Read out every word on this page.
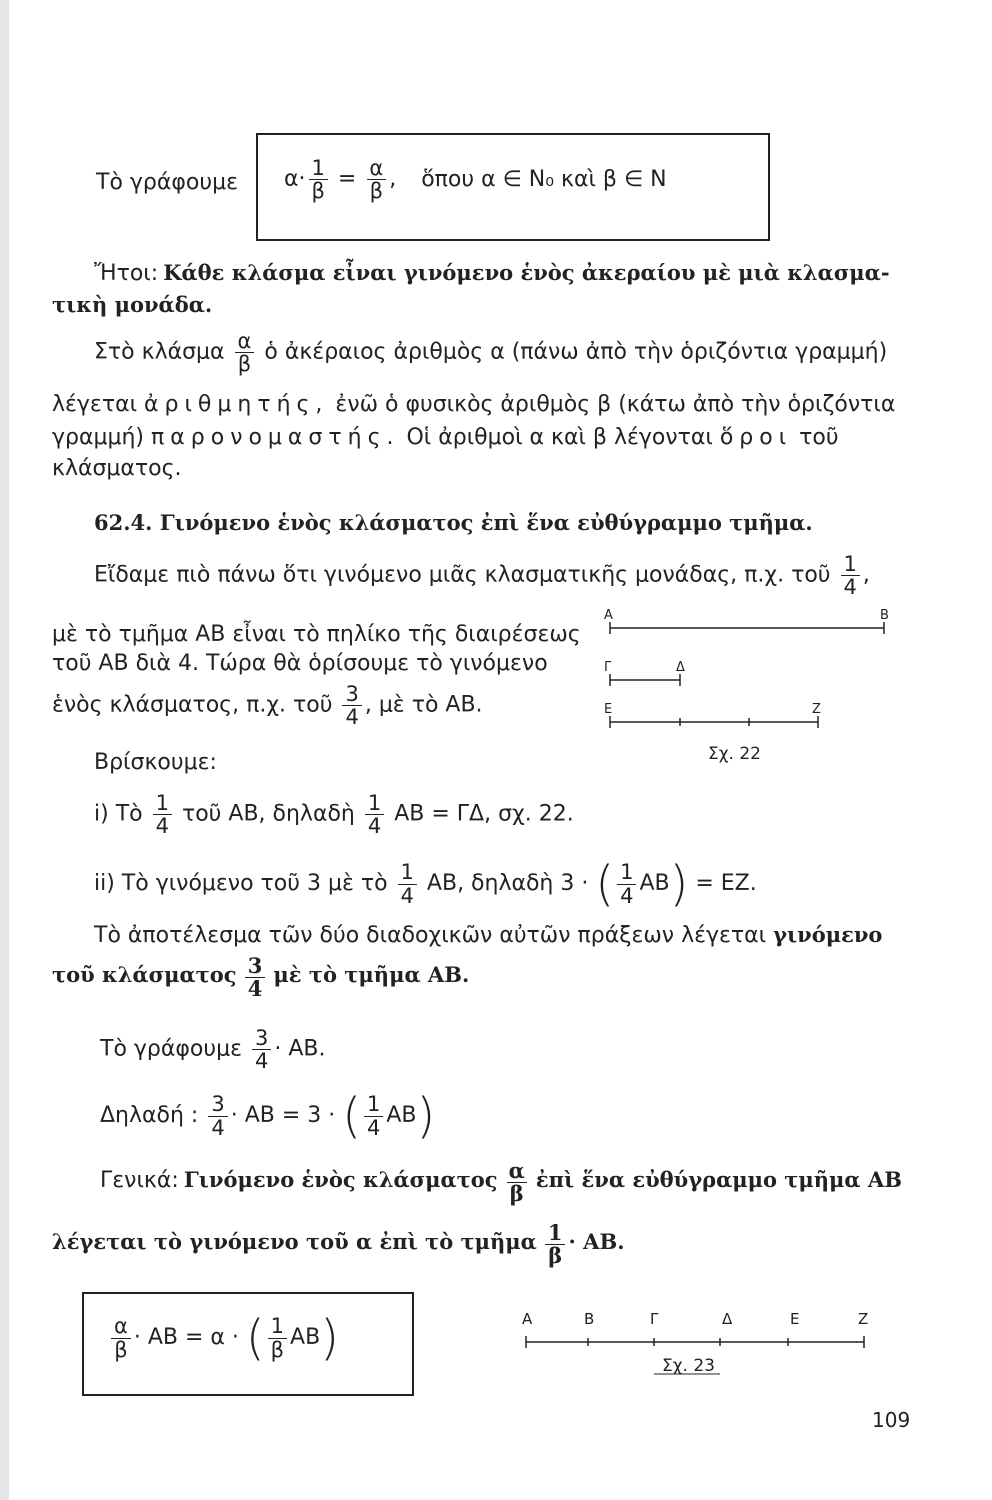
Τὸ γράφουμε $\alpha\cdot \frac{1}{\beta} = \frac{\alpha}{\beta}$ , ὅπου α ∈ N₀ καὶ β ∈ N
Ἤτοι: Κάθε κλάσμα εἶναι γινόμενο ἑνὸς ἀκεραίου μὲ μιὰ κλασμα-
τικὴ μονάδα.
Στὸ κλάσμα $\frac{\alpha}{\beta}$ ὁ ἀκέραιος ἀριθμὸς α (πάνω ἀπὸ τὴν ὁριζόντια γραμμή)
λέγεται ἀριθμητής, ἐνῶ ὁ φυσικὸς ἀριθμὸς β (κάτω ἀπὸ τὴν ὁριζόντια
γραμμή) παρονομαστής. Οἱ ἀριθμοὶ α καὶ β λέγονται ὅροι τοῦ
κλάσματος.
62.4. Γινόμενο ἑνὸς κλάσματος ἐπὶ ἕνα εὐθύγραμμο τμῆμα.
Εἴδαμε πιὸ πάνω ὅτι γινόμενο μιᾶς κλασματικῆς μονάδας, π.χ. τοῦ $\frac{1}{4}$ ,
μὲ τὸ τμῆμα ΑΒ εἶναι τὸ πηλίκο τῆς διαιρέσεως
τοῦ ΑΒ διὰ 4. Τώρα θὰ ὁρίσουμε τὸ γινόμενο
ἑνὸς κλάσματος, π.χ. τοῦ $\frac{3}{4}$ , μὲ τὸ ΑΒ.
Βρίσκουμε:
Α	Β
Γ	Δ
Ε	Ζ
Σχ. 22
i) Τὸ $\frac{1}{4}$ τοῦ ΑΒ, δηλαδὴ $\frac{1}{4}$ ΑΒ = ΓΔ, σχ. 22.
ii) Τὸ γινόμενο τοῦ 3 μὲ τὸ $\frac{1}{4} AB$, δηλαδὴ 3 · ( $\frac{1}{4} AB) = EZ$.
Τὸ ἀποτέλεσμα τῶν δύο διαδοχικῶν αὐτῶν πράξεων λέγεται γινόμενο
τοῦ κλάσματος $\frac{3}{4}$ μὲ τὸ τμῆμα ΑΒ.
Τὸ γράφουμε $\frac{3}{4} \cdot AB$.
Δηλαδή : $\frac{3}{4} \cdot AB = 3$ · ( $\frac{1}{4} AB$)
Γενικά: Γινόμενο ἑνὸς κλάσματος $\frac{\alpha}{\beta}$ ἐπὶ ἕνα εὐθύγραμμο τμῆμα ΑΒ
λέγεται τὸ γινόμενο τοῦ α ἐπὶ τὸ τμῆμα $\frac{1}{\beta} \cdot AB$.
$\frac{\alpha}{\beta} \cdot AB = \alpha$ · ( $\frac{1}{\beta} AB$)	Α	Β	Γ	Δ	Ε	Ζ
Σχ. 23
109
